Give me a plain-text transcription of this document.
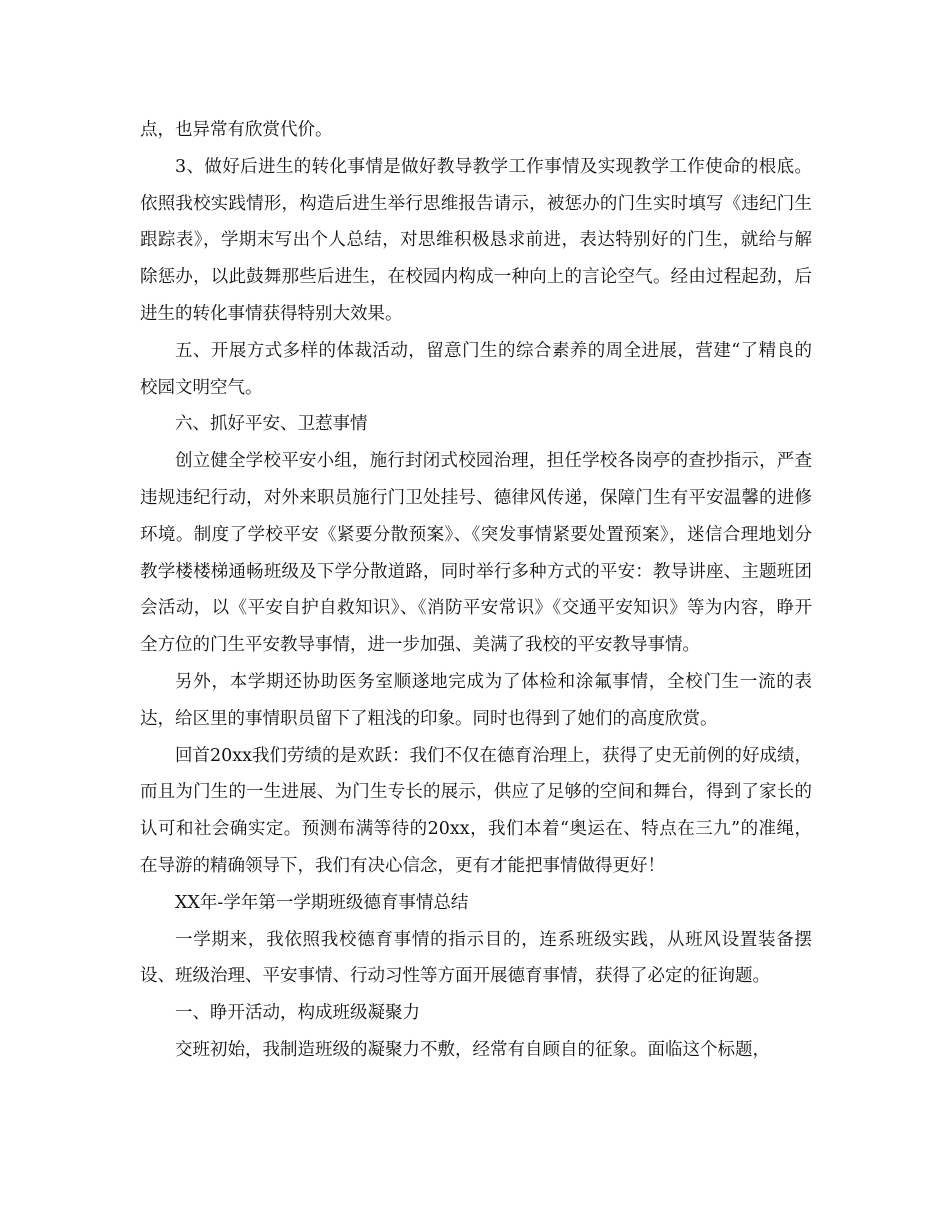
点，也异常有欣赏代价。

3、做好后进生的转化事情是做好教导教学工作事情及实现教学工作使命的根底。依照我校实践情形，构造后进生举行思维报告请示，被惩办的门生实时填写《违纪门生跟踪表》，学期末写出个人总结，对思维积极恳求前进，表达特别好的门生，就给与解除惩办，以此鼓舞那些后进生，在校园内构成一种向上的言论空气。经由过程起劲，后进生的转化事情获得特别大效果。

五、开展方式多样的体裁活动，留意门生的综合素养的周全进展，营建“了精良的校园文明空气。

六、抓好平安、卫惹事情

创立健全学校平安小组，施行封闭式校园治理，担任学校各岗亭的查抄指示，严查违规违纪行动，对外来职员施行门卫处挂号、德律风传递，保障门生有平安温馨的进修环境。制度了学校平安《紧要分散预案》、《突发事情紧要处置预案》，迷信合理地划分教学楼楼梯通畅班级及下学分散道路，同时举行多种方式的平安：教导讲座、主题班团会活动，以《平安自护自救知识》、《消防平安常识》《交通平安知识》等为内容，睁开全方位的门生平安教导事情，进一步加强、美满了我校的平安教导事情。

另外，本学期还协助医务室顺遂地完成为了体检和涂氟事情，全校门生一流的表达，给区里的事情职员留下了粗浅的印象。同时也得到了她们的高度欣赏。

回首20xx我们劳绩的是欢跃：我们不仅在德育治理上，获得了史无前例的好成绩，而且为门生的一生进展、为门生专长的展示，供应了足够的空间和舞台，得到了家长的认可和社会确实定。预测布满等待的20xx，我们本着“奥运在、特点在三九”的准绳，在导游的精确领导下，我们有决心信念，更有才能把事情做得更好！

XX年-学年第一学期班级德育事情总结

一学期来，我依照我校德育事情的指示目的，连系班级实践，从班风设置装备摆设、班级治理、平安事情、行动习性等方面开展德育事情，获得了必定的征询题。

一、睁开活动，构成班级凝聚力

交班初始，我制造班级的凝聚力不敷，经常有自顾自的征象。面临这个标题，
